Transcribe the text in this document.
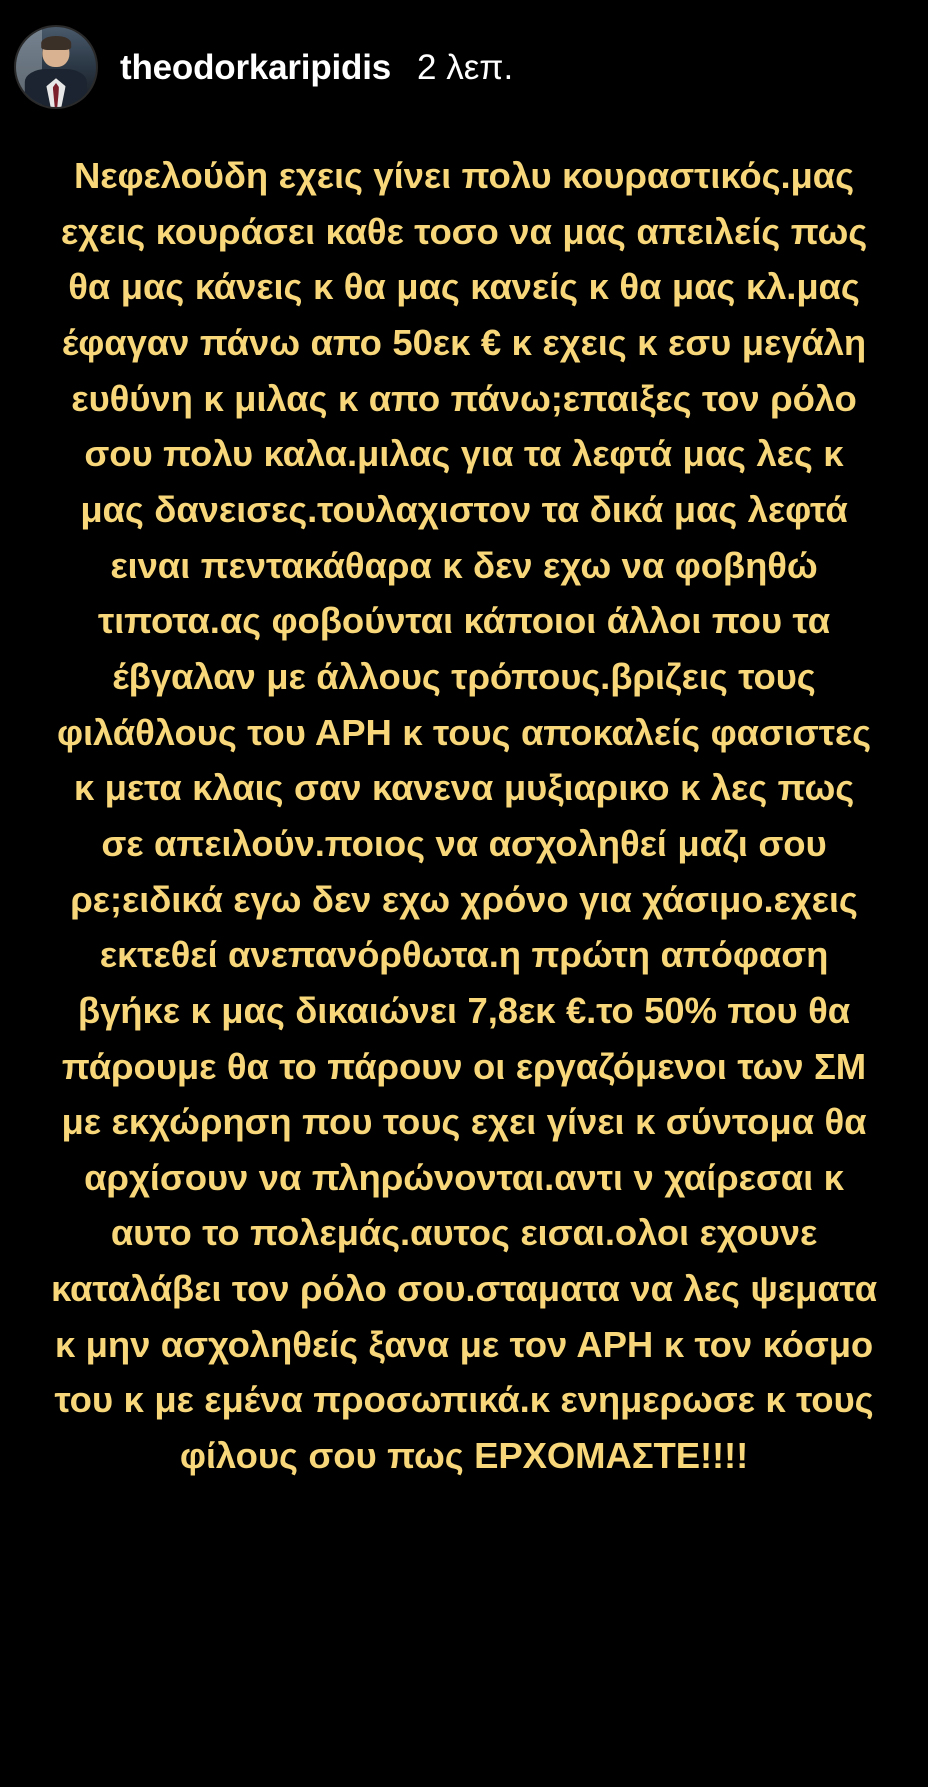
theodorkaripidis 2 λεπ.

Νεφελούδη εχεις γίνει πολυ κουραστικός.μας εχεις κουράσει καθε τοσο να μας απειλείς πως θα μας κάνεις κ θα μας κανείς κ θα μας κλ.μας έφαγαν πάνω απο 50εκ € κ εχεις κ εσυ μεγάλη ευθύνη κ μιλας κ απο πάνω;επαιξες τον ρόλο σου πολυ καλα.μιλας για τα λεφτά μας λες κ μας δανεισες.τουλαχιστον τα δικά μας λεφτά ειναι πεντακάθαρα κ δεν εχω να φοβηθώ τιποτα.ας φοβούνται κάποιοι άλλοι που τα έβγαλαν με άλλους τρόπους.βριζεις τους φιλάθλους του ΑΡΗ κ τους αποκαλείς φασιστες κ μετα κλαις σαν κανενα μυξιαρικο κ λες πως σε απειλούν.ποιος να ασχοληθεί μαζι σου ρε;ειδικά εγω δεν εχω χρόνο για χάσιμο.εχεις εκτεθεί ανεπανόρθωτα.η πρώτη απόφαση βγήκε κ μας δικαιώνει 7,8εκ €.το 50% που θα πάρουμε θα το πάρουν οι εργαζόμενοι των ΣΜ με εκχώρηση που τους εχει γίνει κ σύντομα θα αρχίσουν να πληρώνονται.αντι ν χαίρεσαι κ αυτο το πολεμάς.αυτος εισαι.ολοι εχουνε καταλάβει τον ρόλο σου.σταματα να λες ψεματα κ μην ασχοληθείς ξανα με τον ΑΡΗ κ τον κόσμο του κ με εμένα προσωπικά.κ ενημερωσε κ τους φίλους σου πως ΕΡΧΟΜΑΣΤΕ!!!!
